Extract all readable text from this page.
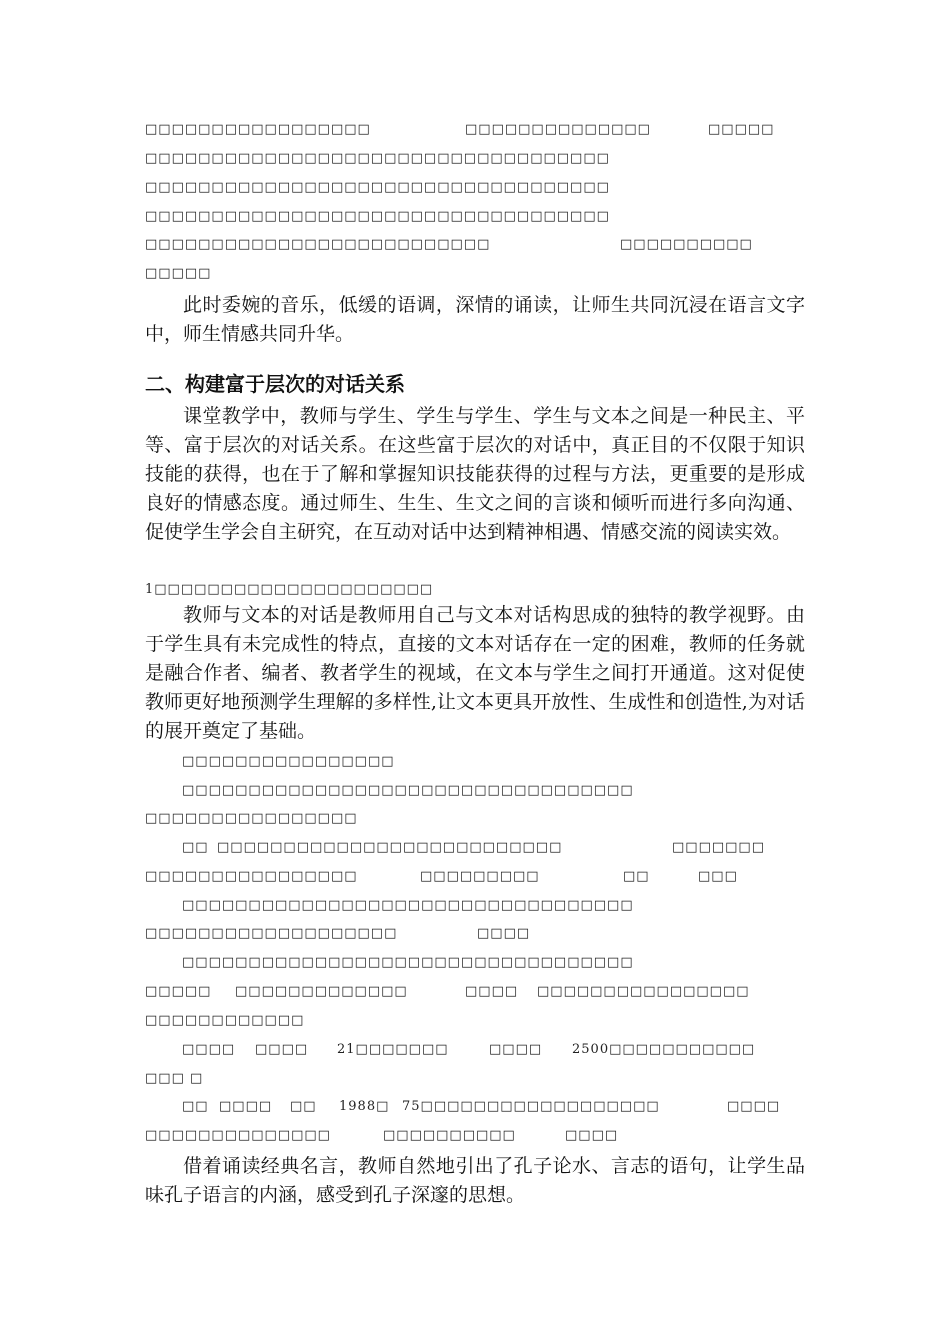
□□□□□□□□□□□□□□□□□	□□□□□□□□□□□□□□	□□□□□
□□□□□□□□□□□□□□□□□□□□□□□□□□□□□□□□□□□
□□□□□□□□□□□□□□□□□□□□□□□□□□□□□□□□□□□
□□□□□□□□□□□□□□□□□□□□□□□□□□□□□□□□□□□
□□□□□□□□□□□□□□□□□□□□□□□□□□	□□□□□□□□□□
□□□□□
此时委婉的音乐，低缓的语调，深情的诵读，让师生共同沉浸在语言文字中，师生情感共同升华。
二、构建富于层次的对话关系
课堂教学中，教师与学生、学生与学生、学生与文本之间是一种民主、平等、富于层次的对话关系。在这些富于层次的对话中，真正目的不仅限于知识技能的获得，也在于了解和掌握知识技能获得的过程与方法，更重要的是形成良好的情感态度。通过师生、生生、生文之间的言谈和倾听而进行多向沟通、促使学生学会自主研究，在互动对话中达到精神相遇、情感交流的阅读实效。
1□□□□□□□□□□□□□□□□□□□□□
教师与文本的对话是教师用自己与文本对话构思成的独特的教学视野。由于学生具有未完成性的特点，直接的文本对话存在一定的困难，教师的任务就是融合作者、编者、教者学生的视域，在文本与学生之间打开通道。这对促使教师更好地预测学生理解的多样性,让文本更具开放性、生成性和创造性,为对话的展开奠定了基础。
□□□□□□□□□□□□□□□□
□□□□□□□□□□□□□□□□□□□□□□□□□□□□□□□□□□
□□□□□□□□□□□□□□□□
□□ □□□□□□□□□□□□□□□□□□□□□□□□□□	□□□□□□□
□□□□□□□□□□□□□□□□	□□□□□□□□□	□□	□□□
□□□□□□□□□□□□□□□□□□□□□□□□□□□□□□□□□□
□□□□□□□□□□□□□□□□□□□	□□□□
□□□□□□□□□□□□□□□□□□□□□□□□□□□□□□□□□□
□□□□□ □□□□□□□□□□□□□	□□□□ □□□□□□□□□□□□□□□□
□□□□□□□□□□□□
□□□□ □□□□ 21□□□□□□□	□□□□ 2500□□□□□□□□□□□
□□□ □
□□ □□□□ □□ 1988□ 75□□□□□□□□□□□□□□□□□□	□□□□
□□□□□□□□□□□□□□	□□□□□□□□□□	□□□□
借着诵读经典名言，教师自然地引出了孔子论水、言志的语句，让学生品味孔子语言的内涵，感受到孔子深邃的思想。
